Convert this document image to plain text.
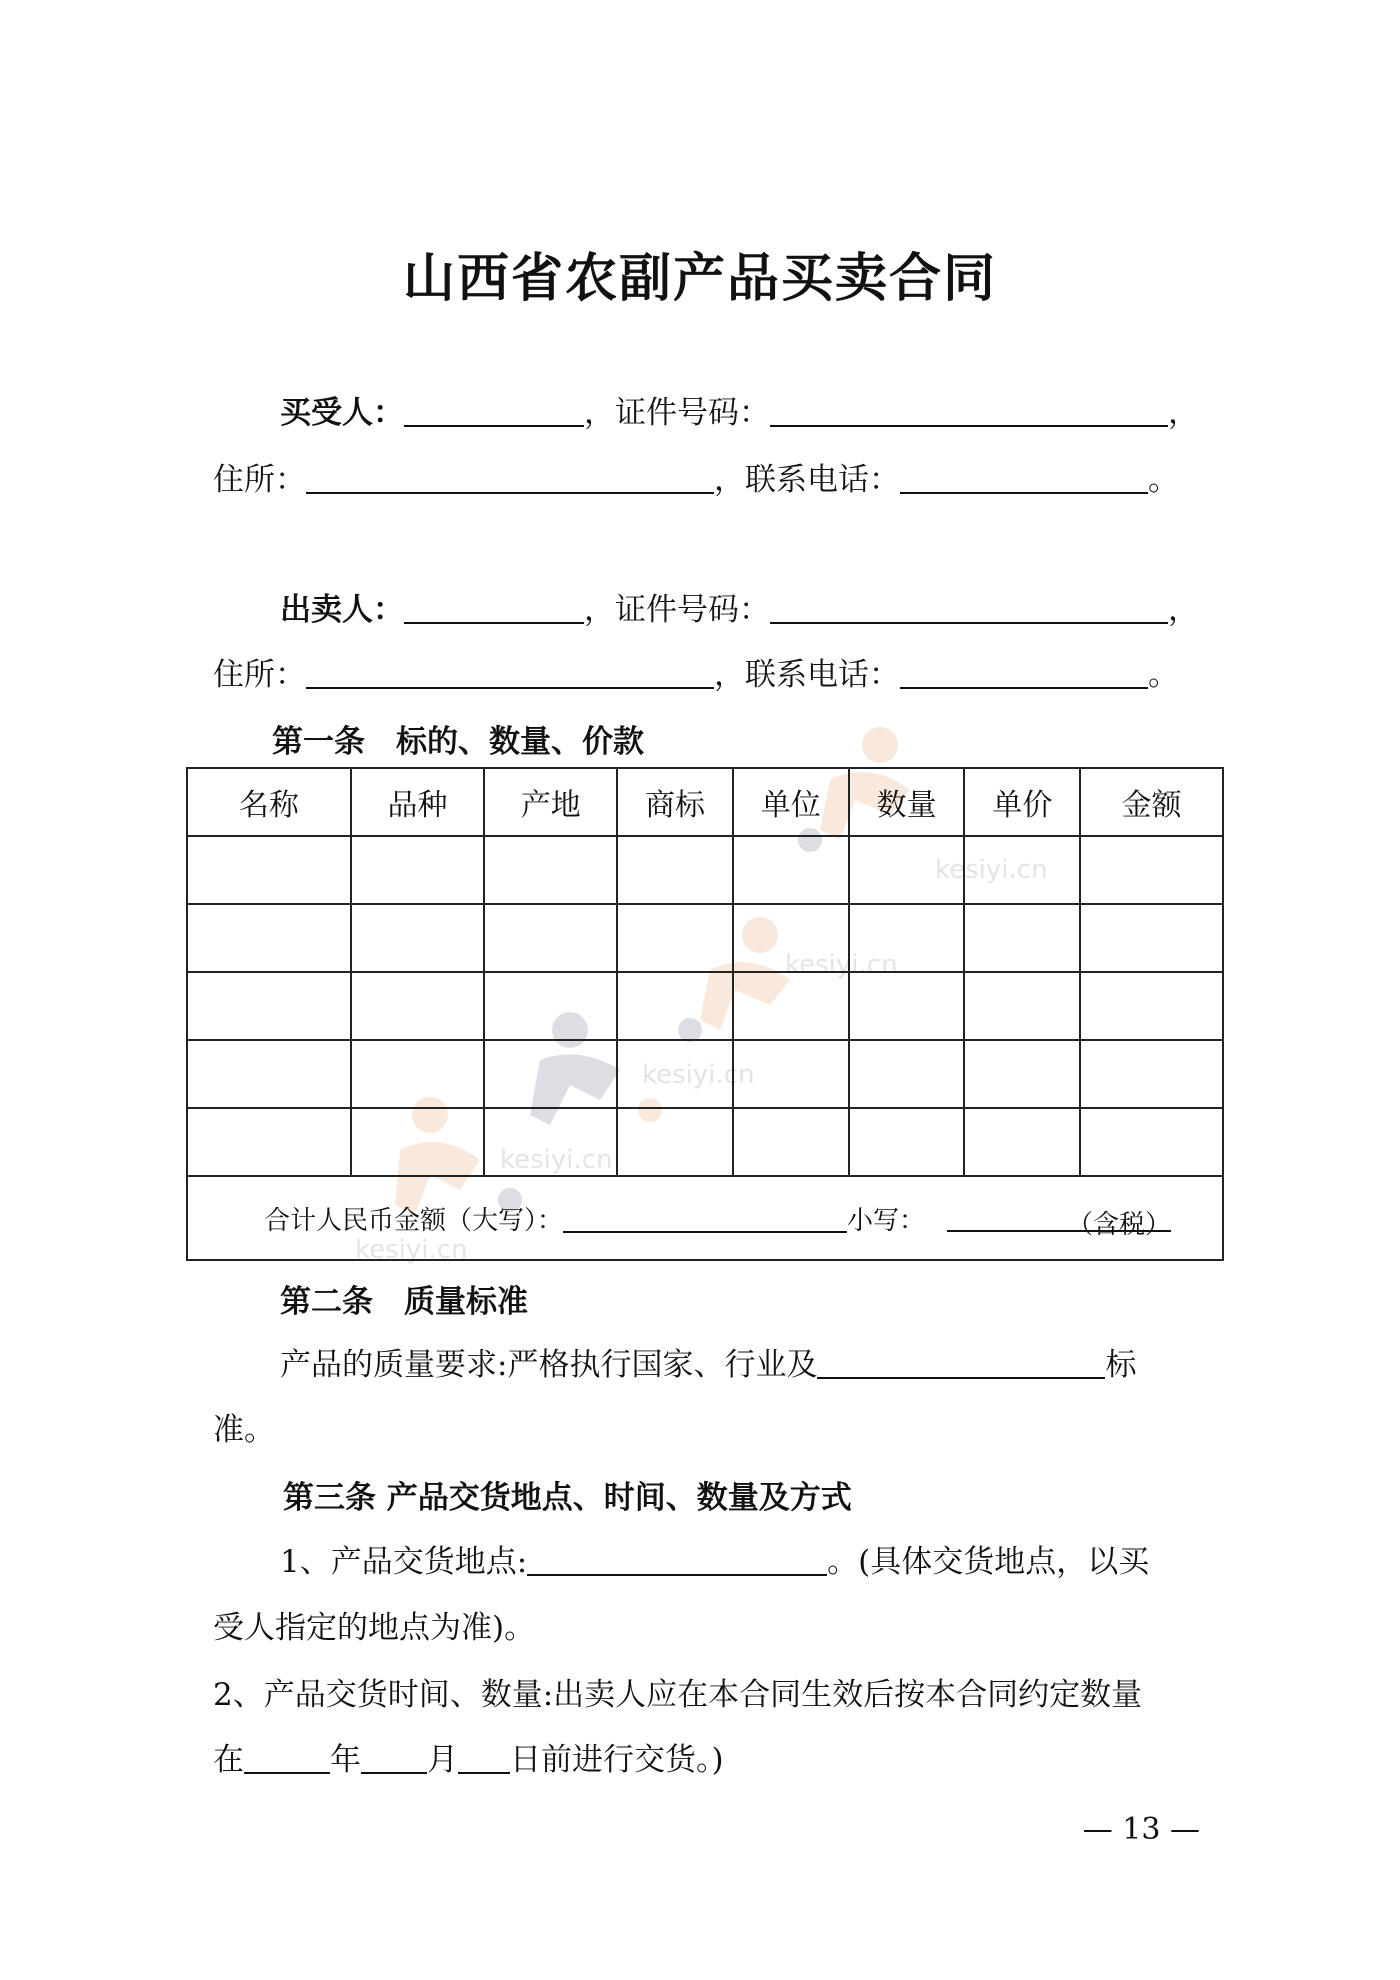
kesiyi.cn
kesiyi.cn
kesiyi.cn
kesiyi.cn
kesiyi.cn
山西省农副产品买卖合同
买受人：	，证件号码：	，
住所：	，联系电话：	。
出卖人：	，证件号码：	，
住所：	，联系电话：	。
第一条　标的、数量、价款
名称	品种	产地	商标	单位	数量	单价	金额

合计人民币金额（大写）： 小写： （含税）							
第二条　质量标准
产品的质量要求:严格执行国家、行业及	标
准。
第三条 产品交货地点、时间、数量及方式
1、产品交货地点:	。(具体交货地点，以买
受人指定的地点为准)。
2、产品交货时间、数量:出卖人应在本合同生效后按本合同约定数量
在	年 月 日前进行交货。)
— 13 —
